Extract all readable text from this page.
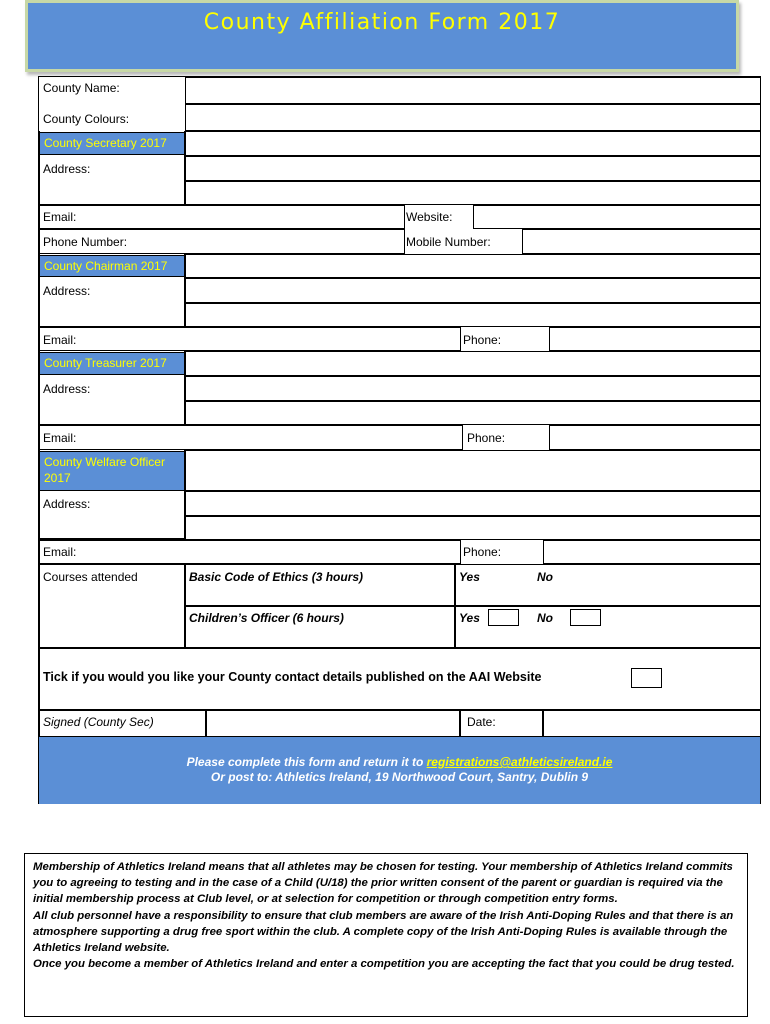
County Affiliation Form 2017
County Name:
County Colours:
County Secretary 2017
Address:
Email:	Website:
Phone Number:	Mobile Number:
County Chairman 2017
Address:
Email:	Phone:
County Treasurer 2017
Address:
Email:	Phone:
County Welfare Officer 2017
Address:
Email:	Phone:
Courses attended	Basic Code of Ethics (3 hours)	Yes	No
Children’s Officer (6 hours)	Yes	No
Tick if you would you like your County contact details published on the AAI Website
Signed (County Sec)	Date:
Please complete this form and return it to registrations@athleticsireland.ie
Or post to: Athletics Ireland, 19 Northwood Court, Santry, Dublin 9
Membership of Athletics Ireland means that all athletes may be chosen for testing. Your membership of Athletics Ireland commits you to agreeing to testing and in the case of a Child (U/18) the prior written consent of the parent or guardian is required via the initial membership process at Club level, or at selection for competition or through competition entry forms.
All club personnel have a responsibility to ensure that club members are aware of the Irish Anti-Doping Rules and that there is an atmosphere supporting a drug free sport within the club. A complete copy of the Irish Anti-Doping Rules is available through the Athletics Ireland website.
Once you become a member of Athletics Ireland and enter a competition you are accepting the fact that you could be drug tested.
